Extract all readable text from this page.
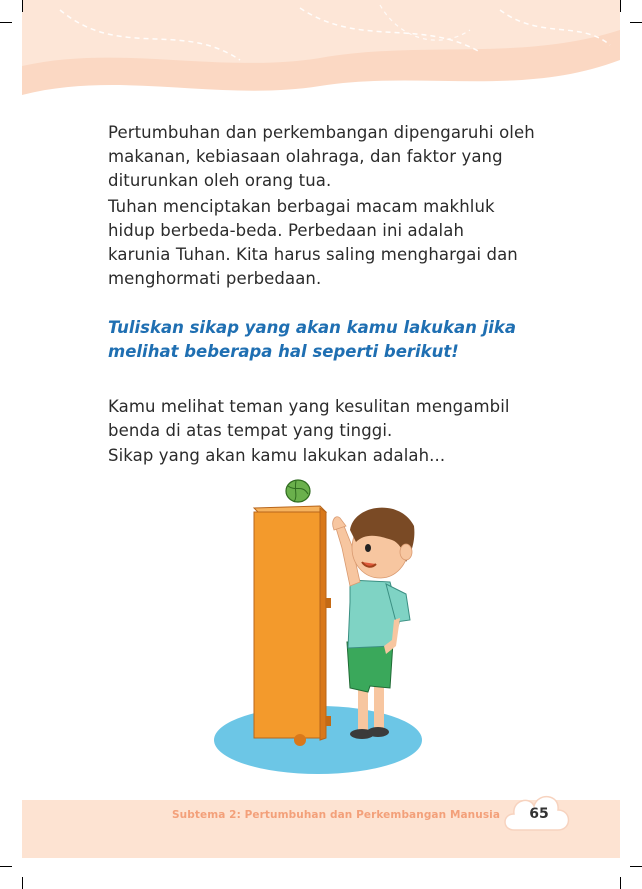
Pertumbuhan dan perkembangan dipengaruhi oleh
makanan, kebiasaan olahraga, dan faktor yang
diturunkan oleh orang tua.
Tuhan menciptakan berbagai macam makhluk
hidup berbeda-beda. Perbedaan ini adalah
karunia Tuhan. Kita harus saling menghargai dan
menghormati perbedaan.
Tuliskan sikap yang akan kamu lakukan jika
melihat beberapa hal seperti berikut!
Kamu melihat teman yang kesulitan mengambil
benda di atas tempat yang tinggi.
Sikap yang akan kamu lakukan adalah...
Subtema 2: Pertumbuhan dan Perkembangan Manusia	65
